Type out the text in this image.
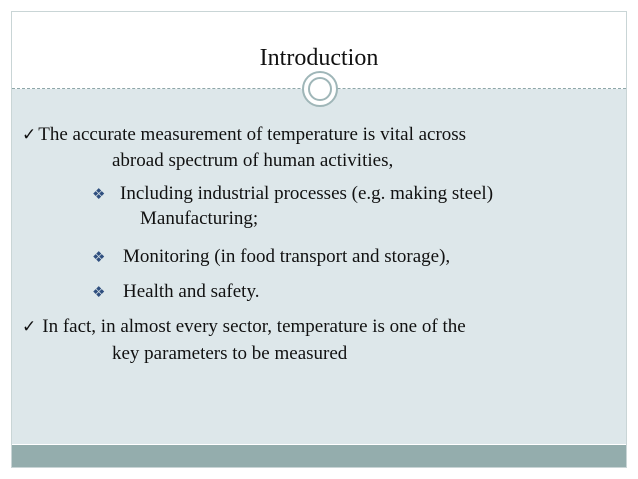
Introduction
✓ The accurate measurement of temperature is vital across
abroad spectrum of human activities,
❖ Including industrial processes (e.g. making steel)
Manufacturing;
❖ Monitoring (in food transport and storage),
❖ Health and safety.
✓ In fact, in almost every sector, temperature is one of the
key parameters to be measured
